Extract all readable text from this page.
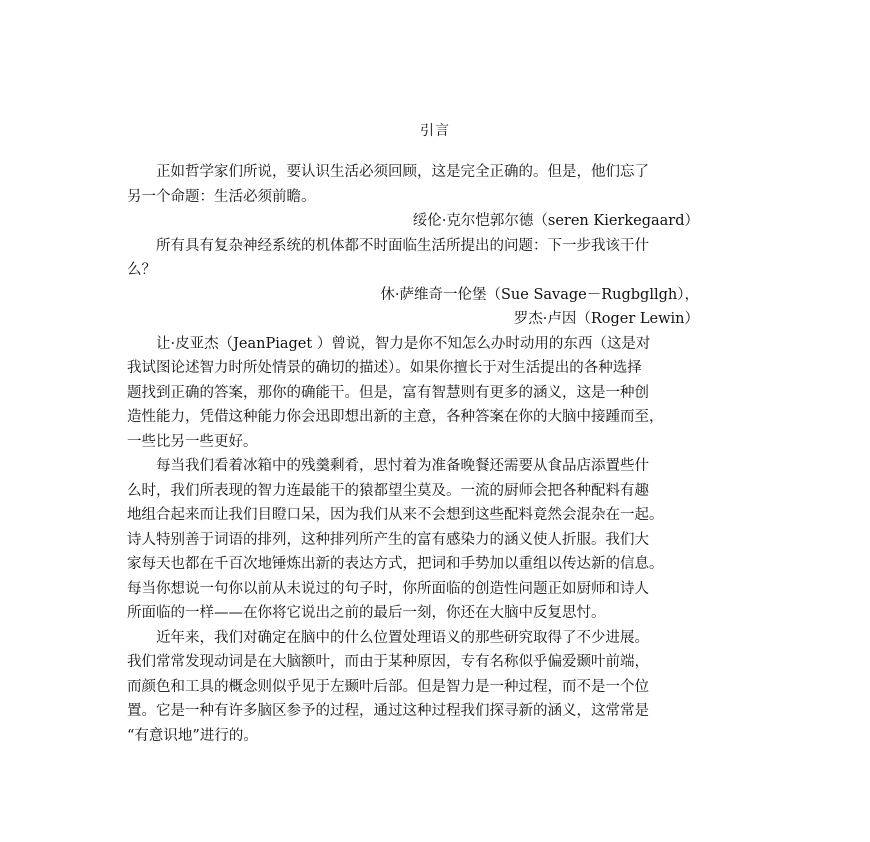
引言
正如哲学家们所说，要认识生活必须回顾，这是完全正确的。但是，他们忘了
另一个命题：生活必须前瞻。
绥伦·克尔恺郭尔德（seren Kierkegaard）
所有具有复杂神经系统的机体都不时面临生活所提出的问题：下一步我该干什
么？
休·萨维奇一伦堡（Sue Savage－Rugbgllgh），
罗杰·卢因（Roger Lewin）
让·皮亚杰（JeanPiaget ）曾说，智力是你不知怎么办时动用的东西（这是对
我试图论述智力时所处情景的确切的描述）。如果你擅长于对生活提出的各种选择
题找到正确的答案，那你的确能干。但是，富有智慧则有更多的涵义，这是一种创
造性能力，凭借这种能力你会迅即想出新的主意，各种答案在你的大脑中接踵而至，
一些比另一些更好。
每当我们看着冰箱中的残羹剩肴，思忖着为准备晚餐还需要从食品店添置些什
么时，我们所表现的智力连最能干的猿都望尘莫及。一流的厨师会把各种配料有趣
地组合起来而让我们目瞪口呆，因为我们从来不会想到这些配料竟然会混杂在一起。
诗人特别善于词语的排列，这种排列所产生的富有感染力的涵义使人折服。我们大
家每天也都在千百次地锤炼出新的表达方式，把词和手势加以重组以传达新的信息。
每当你想说一句你以前从未说过的句子时，你所面临的创造性问题正如厨师和诗人
所面临的一样——在你将它说出之前的最后一刻，你还在大脑中反复思忖。
近年来，我们对确定在脑中的什么位置处理语义的那些研究取得了不少进展。
我们常常发现动词是在大脑额叶，而由于某种原因，专有名称似乎偏爱颞叶前端，
而颜色和工具的概念则似乎见于左颞叶后部。但是智力是一种过程，而不是一个位
置。它是一种有许多脑区参予的过程，通过这种过程我们探寻新的涵义，这常常是
“有意识地”进行的。
